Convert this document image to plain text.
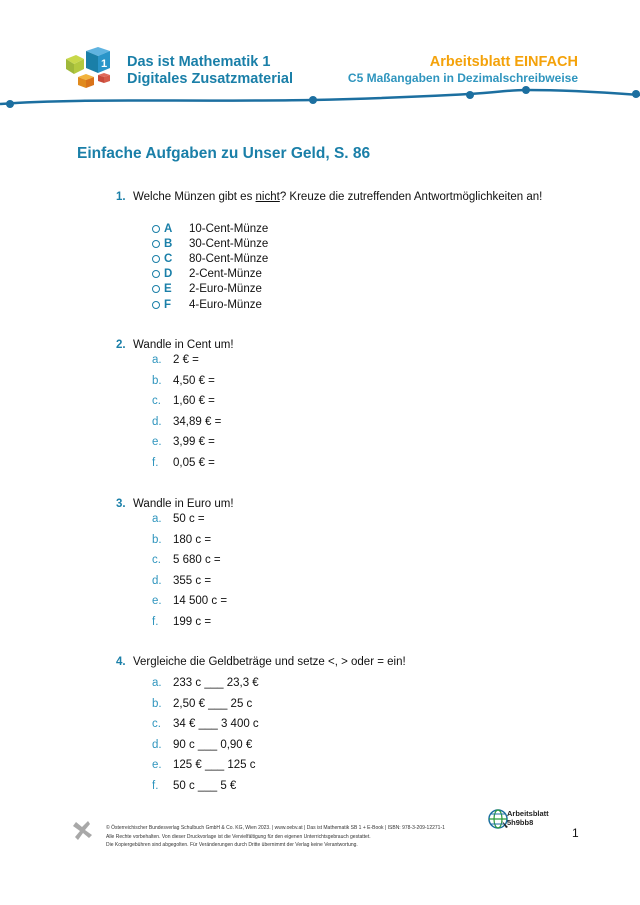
1 Das ist Mathematik 1
Digitales Zusatzmaterial
Arbeitsblatt EINFACH
C5 Maßangaben in Dezimalschreibweise
Einfache Aufgaben zu Unser Geld, S. 86
1. Welche Münzen gibt es nicht? Kreuze die zutreffenden Antwortmöglichkeiten an!
A	10-Cent-Münze
B	30-Cent-Münze
C	80-Cent-Münze
D	2-Cent-Münze
E	2-Euro-Münze
F	4-Euro-Münze
2. Wandle in Cent um!
a. 2 € =
b. 4,50 € =
c.	1,60 € =
d. 34,89 € =
e. 3,99 € =
f.	0,05 € =
3. Wandle in Euro um!
a. 50 c =
b. 180 c =
c.	5 680 c =
d. 355 c =
e. 14 500 c =
f.	199 c =
4. Vergleiche die Geldbeträge und setze <, > oder = ein!
a. 233 c ___ 23,3 €
b. 2,50 € ___ 25 c
c.	34 € ___ 3 400 c
d. 90 c ___ 0,90 €
e. 125 € ___ 125 c
f.	50 c ___ 5 €
© Österreichischer Bundesverlag Schulbuch GmbH & Co. KG, Wien 2023. | www.oebv.at | Das ist Mathematik SB 1 + E-Book | ISBN: 978-3-209-12271-1
Alle Rechte vorbehalten. Von dieser Druckvorlage ist die Vervielfältigung für den eigenen Unterrichtsgebrauch gestattet.
Die Kopiergebühren sind abgegolten. Für Veränderungen durch Dritte übernimmt der Verlag keine Verantwortung.
Arbeitsblatt
5h9bb8
1
